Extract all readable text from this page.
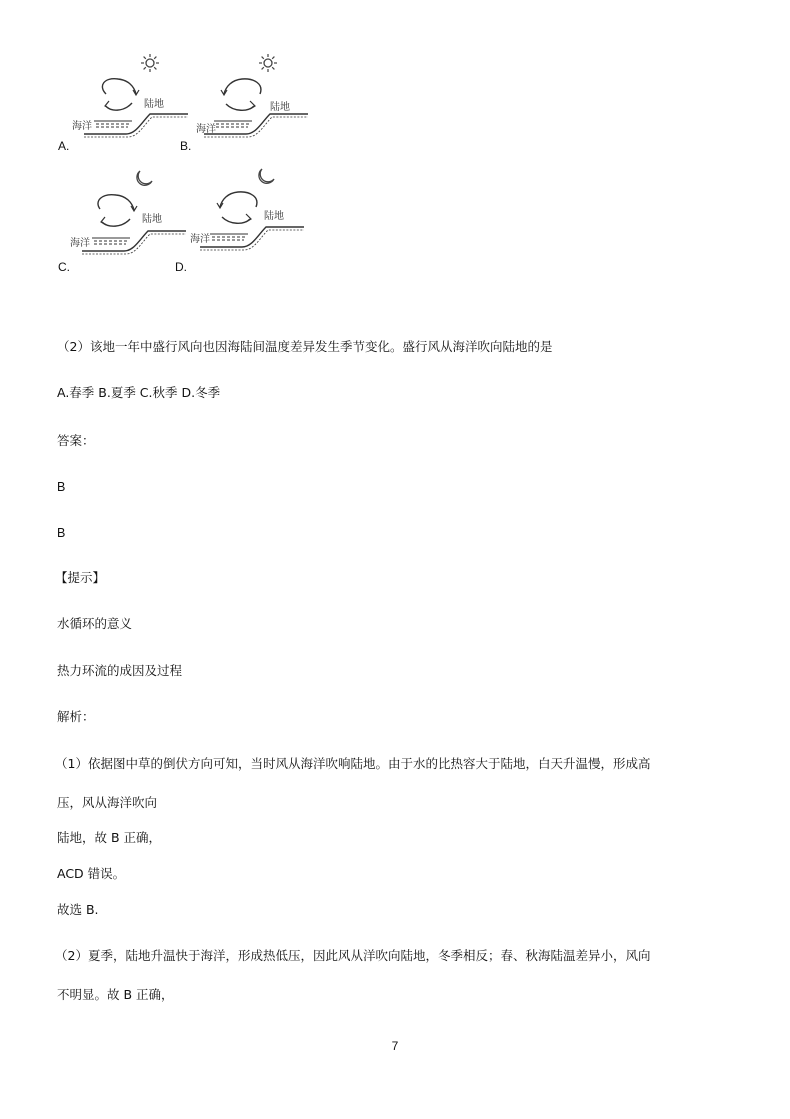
陆地
海洋
A.
陆地
海洋
B.
陆地
海洋
C.
陆地
海洋
D.
（2）该地一年中盛行风向也因海陆间温度差异发生季节变化。盛行风从海洋吹向陆地的是
A.春季 B.夏季 C.秋季 D.冬季
答案：
B
B
【提示】
水循环的意义
热力环流的成因及过程
解析：
（1）依据图中草的倒伏方向可知，当时风从海洋吹响陆地。由于水的比热容大于陆地，白天升温慢，形成高
压，风从海洋吹向
陆地，故 B 正确，
ACD 错误。
故选 B.
（2）夏季，陆地升温快于海洋，形成热低压，因此风从洋吹向陆地，冬季相反；春、秋海陆温差异小，风向
不明显。故 B 正确，
7
